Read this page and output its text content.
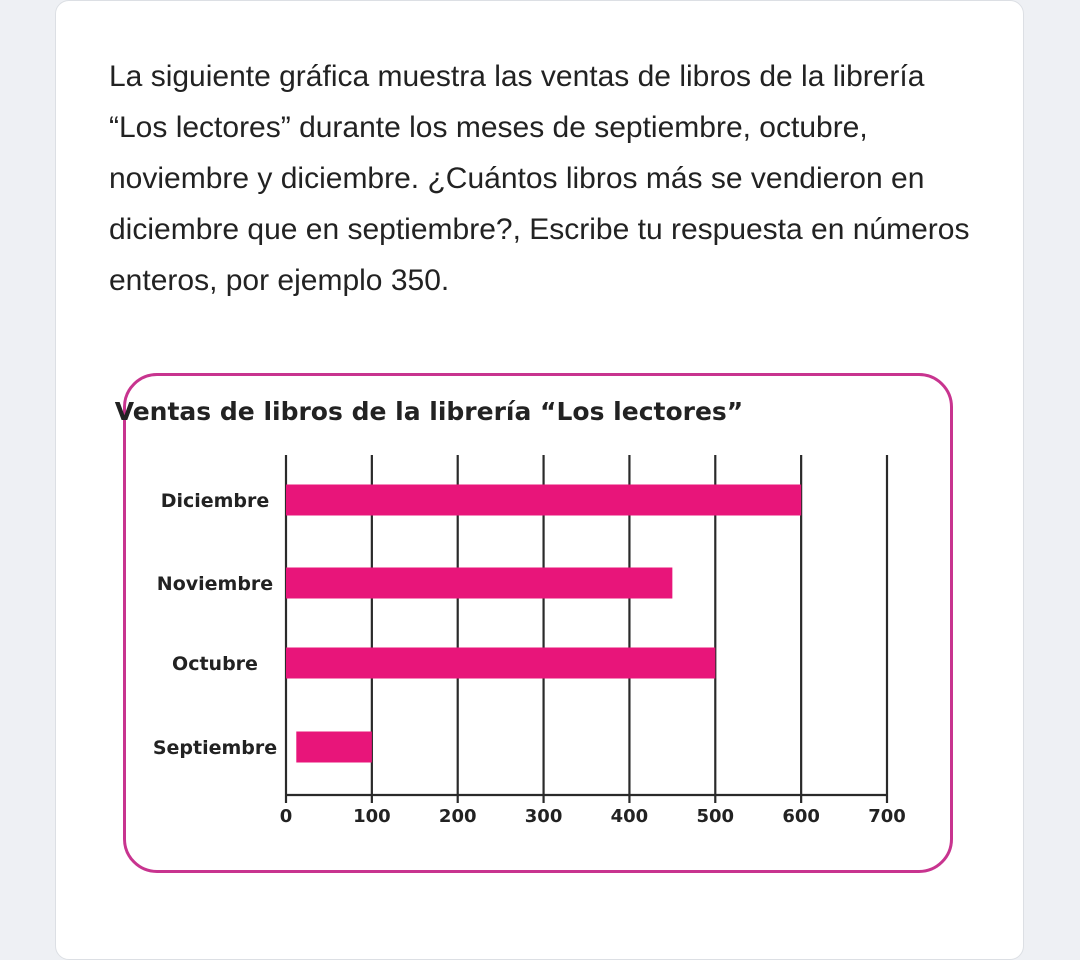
La siguiente gráfica muestra las ventas de libros de la librería “Los lectores” durante los meses de septiembre, octubre, noviembre y diciembre. ¿Cuántos libros más se vendieron en diciembre que en septiembre?, Escribe tu respuesta en números enteros, por ejemplo 350.

Ventas de libros de la librería “Los lectores”
Diciembre
Noviembre
Octubre
Septiembre
0	100	200	300	400	500	600	700
